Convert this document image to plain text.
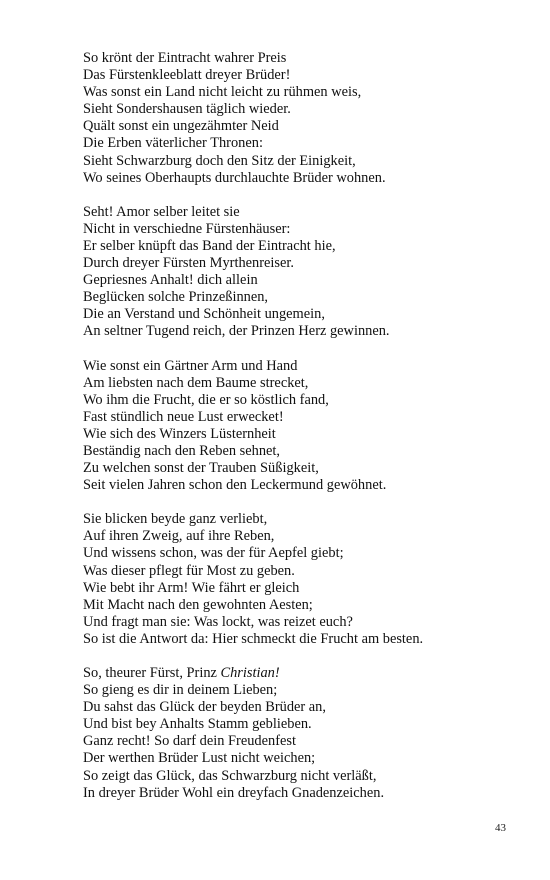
So krönt der Eintracht wahrer Preis
Das Fürstenkleeblatt dreyer Brüder!
Was sonst ein Land nicht leicht zu rühmen weis,
Sieht Sondershausen täglich wieder.
Quält sonst ein ungezähmter Neid
Die Erben väterlicher Thronen:
Sieht Schwarzburg doch den Sitz der Einigkeit,
Wo seines Oberhaupts durchlauchte Brüder wohnen.
Seht! Amor selber leitet sie
Nicht in verschiedne Fürstenhäuser:
Er selber knüpft das Band der Eintracht hie,
Durch dreyer Fürsten Myrthenreiser.
Gepriesnes Anhalt! dich allein
Beglücken solche Prinzeßinnen,
Die an Verstand und Schönheit ungemein,
An seltner Tugend reich, der Prinzen Herz gewinnen.
Wie sonst ein Gärtner Arm und Hand
Am liebsten nach dem Baume strecket,
Wo ihm die Frucht, die er so köstlich fand,
Fast stündlich neue Lust erwecket!
Wie sich des Winzers Lüsternheit
Beständig nach den Reben sehnet,
Zu welchen sonst der Trauben Süßigkeit,
Seit vielen Jahren schon den Leckermund gewöhnet.
Sie blicken beyde ganz verliebt,
Auf ihren Zweig, auf ihre Reben,
Und wissens schon, was der für Aepfel giebt;
Was dieser pflegt für Most zu geben.
Wie bebt ihr Arm! Wie fährt er gleich
Mit Macht nach den gewohnten Aesten;
Und fragt man sie: Was lockt, was reizet euch?
So ist die Antwort da: Hier schmeckt die Frucht am besten.
So, theurer Fürst, Prinz Christian!
So gieng es dir in deinem Lieben;
Du sahst das Glück der beyden Brüder an,
Und bist bey Anhalts Stamm geblieben.
Ganz recht! So darf dein Freudenfest
Der werthen Brüder Lust nicht weichen;
So zeigt das Glück, das Schwarzburg nicht verläßt,
In dreyer Brüder Wohl ein dreyfach Gnadenzeichen.
43
